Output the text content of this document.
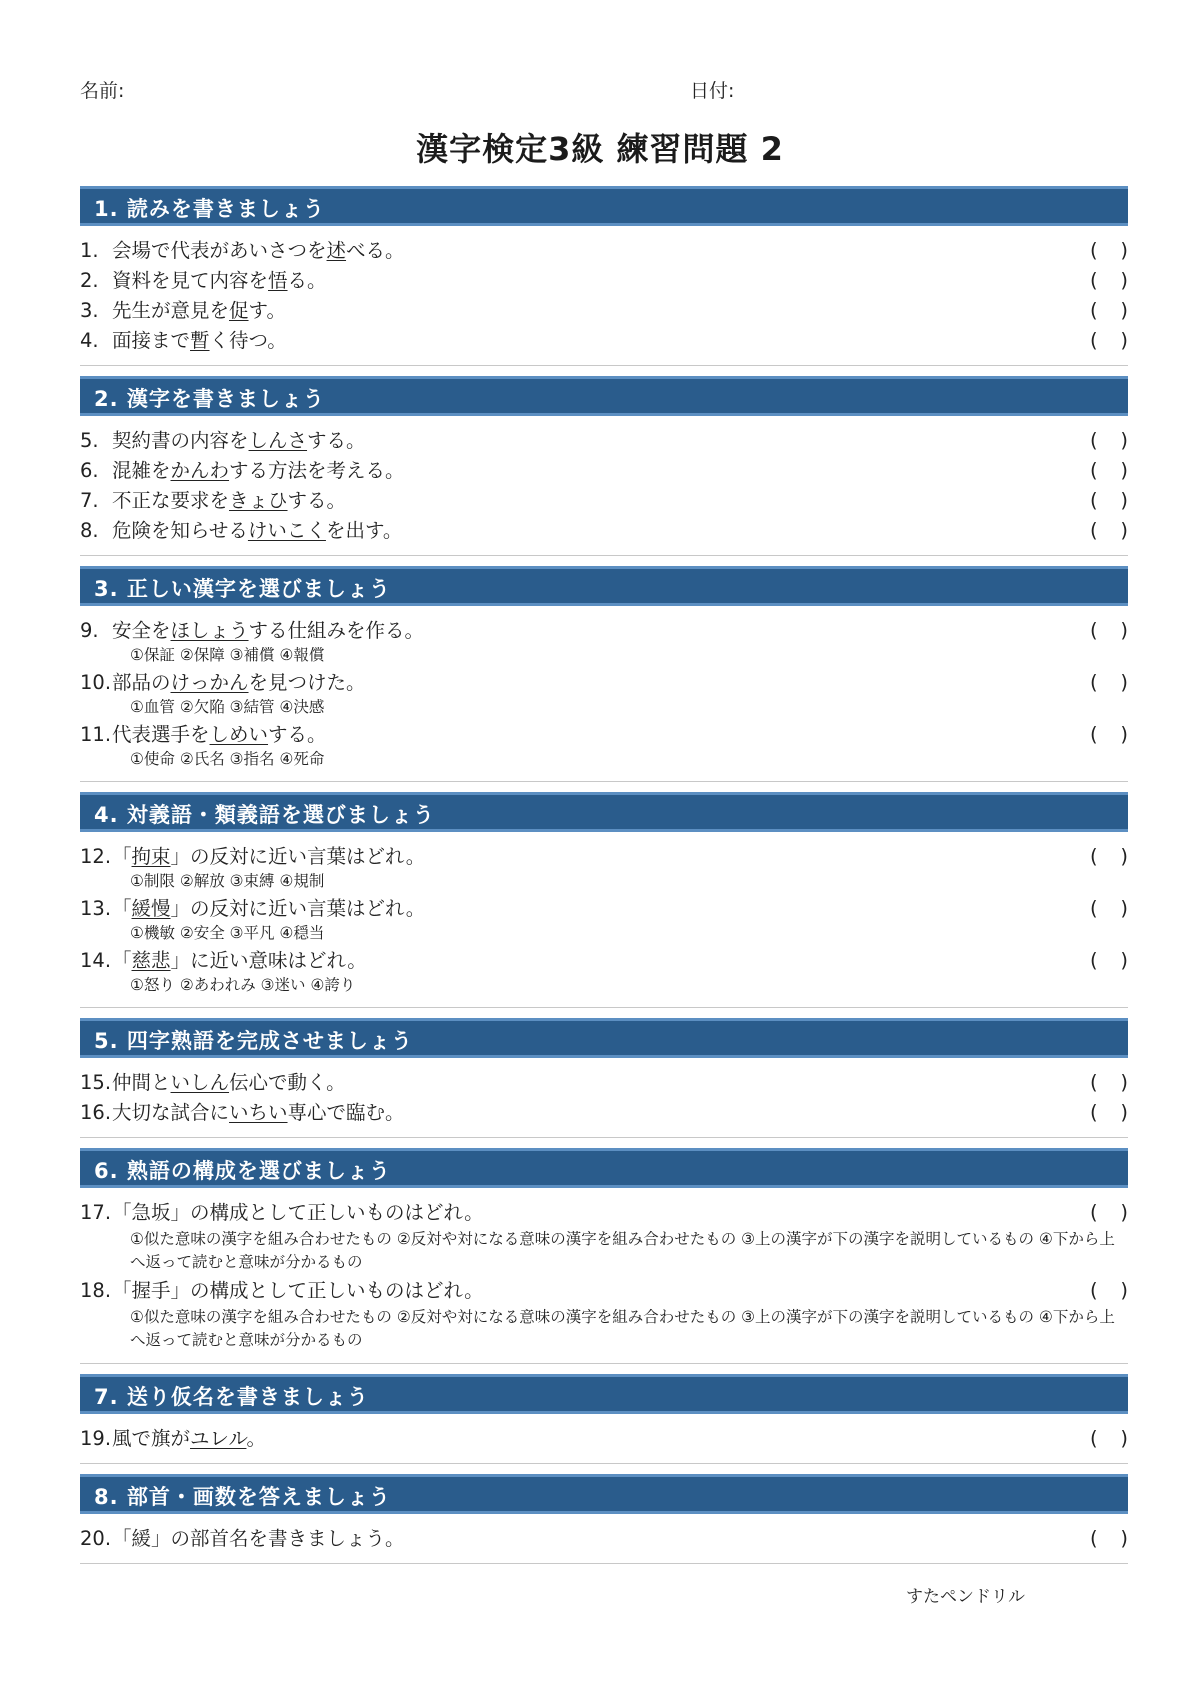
名前:	日付:
漢字検定3級 練習問題 2
1. 読みを書きましょう
1. 会場で代表があいさつを述べる。	( )
2. 資料を見て内容を悟る。	( )
3. 先生が意見を促す。	( )
4. 面接まで暫く待つ。	( )
2. 漢字を書きましょう
5. 契約書の内容をしんさする。	( )
6. 混雑をかんわする方法を考える。	( )
7. 不正な要求をきょひする。	( )
8. 危険を知らせるけいこくを出す。	( )
3. 正しい漢字を選びましょう
9. 安全をほしょうする仕組みを作る。	( )
①保証 ②保障 ③補償 ④報償
10. 部品のけっかんを見つけた。	( )
①血管 ②欠陥 ③結管 ④決感
11. 代表選手をしめいする。	( )
①使命 ②氏名 ③指名 ④死命
4. 対義語・類義語を選びましょう
12. 「拘束」の反対に近い言葉はどれ。	( )
①制限 ②解放 ③束縛 ④規制
13. 「緩慢」の反対に近い言葉はどれ。	( )
①機敏 ②安全 ③平凡 ④穏当
14. 「慈悲」に近い意味はどれ。	( )
①怒り ②あわれみ ③迷い ④誇り
5. 四字熟語を完成させましょう
15. 仲間といしん伝心で動く。	( )
16. 大切な試合にいちい専心で臨む。	( )
6. 熟語の構成を選びましょう
17. 「急坂」の構成として正しいものはどれ。	( )
①似た意味の漢字を組み合わせたもの ②反対や対になる意味の漢字を組み合わせたもの ③上の漢字が下の漢字を説明しているもの ④下から上へ返って読むと意味が分かるもの
18. 「握手」の構成として正しいものはどれ。	( )
①似た意味の漢字を組み合わせたもの ②反対や対になる意味の漢字を組み合わせたもの ③上の漢字が下の漢字を説明しているもの ④下から上へ返って読むと意味が分かるもの
7. 送り仮名を書きましょう
19. 風で旗がユレル。	( )
8. 部首・画数を答えましょう
20. 「緩」の部首名を書きましょう。	( )
すたペンドリル
